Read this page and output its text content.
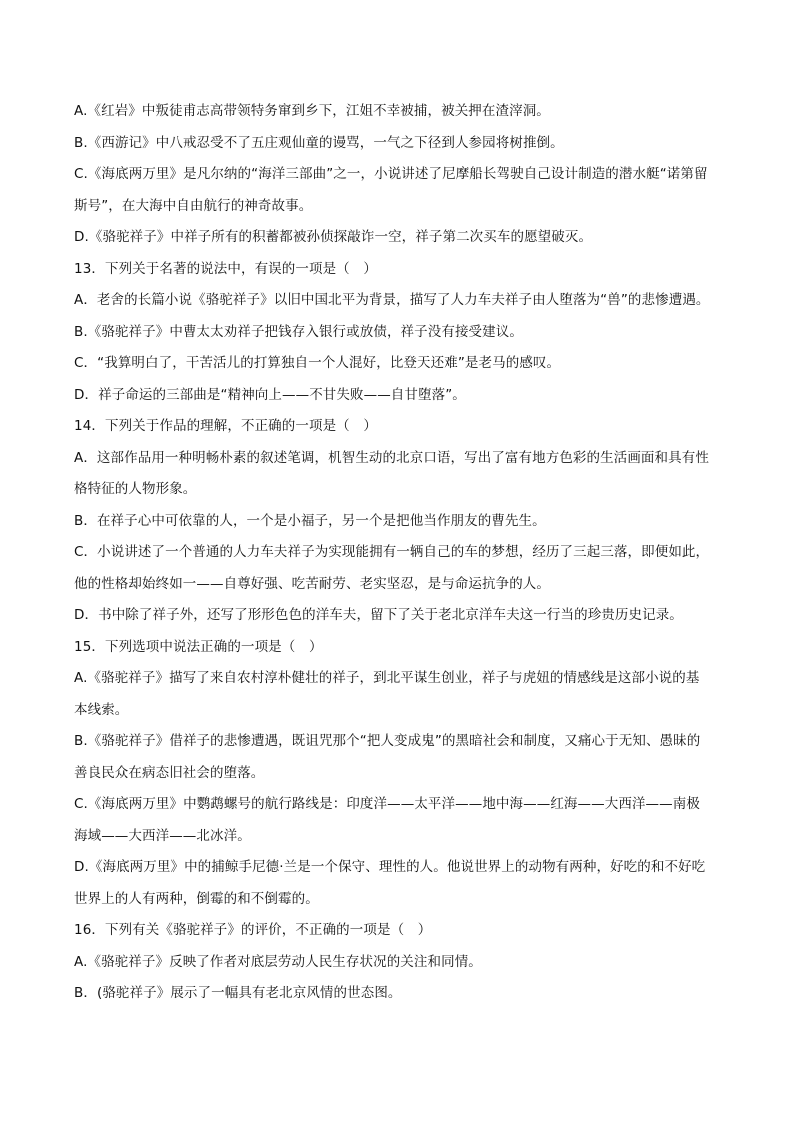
A.《红岩》中叛徒甫志高带领特务窜到乡下，江姐不幸被捕，被关押在渣滓洞。
B.《西游记》中八戒忍受不了五庄观仙童的谩骂，一气之下径到人参园将树推倒。
C.《海底两万里》是凡尔纳的“海洋三部曲”之一，小说讲述了尼摩船长驾驶自己设计制造的潜水艇“诺第留
斯号”，在大海中自由航行的神奇故事。
D.《骆驼祥子》中祥子所有的积蓄都被孙侦探敲诈一空，祥子第二次买车的愿望破灭。
13．下列关于名著的说法中，有误的一项是（　）
A．老舍的长篇小说《骆驼祥子》以旧中国北平为背景，描写了人力车夫祥子由人堕落为“兽”的悲惨遭遇。
B.《骆驼祥子》中曹太太劝祥子把钱存入银行或放债，祥子没有接受建议。
C．“我算明白了，干苦活儿的打算独自一个人混好，比登天还难”是老马的感叹。
D．祥子命运的三部曲是“精神向上——不甘失败——自甘堕落”。
14．下列关于作品的理解，不正确的一项是（　）
A．这部作品用一种明畅朴素的叙述笔调，机智生动的北京口语，写出了富有地方色彩的生活画面和具有性
格特征的人物形象。
B．在祥子心中可依靠的人，一个是小福子，另一个是把他当作朋友的曹先生。
C．小说讲述了一个普通的人力车夫祥子为实现能拥有一辆自己的车的梦想，经历了三起三落，即便如此，
他的性格却始终如一——自尊好强、吃苦耐劳、老实坚忍，是与命运抗争的人。
D．书中除了祥子外，还写了形形色色的洋车夫，留下了关于老北京洋车夫这一行当的珍贵历史记录。
15．下列选项中说法正确的一项是（　）
A.《骆驼祥子》描写了来自农村淳朴健壮的祥子，到北平谋生创业，祥子与虎妞的情感线是这部小说的基
本线索。
B.《骆驼祥子》借祥子的悲惨遭遇，既诅咒那个“把人变成鬼”的黑暗社会和制度，又痛心于无知、愚昧的
善良民众在病态旧社会的堕落。
C.《海底两万里》中鹦鹉螺号的航行路线是：印度洋——太平洋——地中海——红海——大西洋——南极
海域——大西洋——北冰洋。
D.《海底两万里》中的捕鲸手尼德·兰是一个保守、理性的人。他说世界上的动物有两种，好吃的和不好吃
世界上的人有两种，倒霉的和不倒霉的。
16．下列有关《骆驼祥子》的评价，不正确的一项是（　）
A.《骆驼祥子》反映了作者对底层劳动人民生存状况的关注和同情。
B．(骆驼祥子》展示了一幅具有老北京风情的世态图。
